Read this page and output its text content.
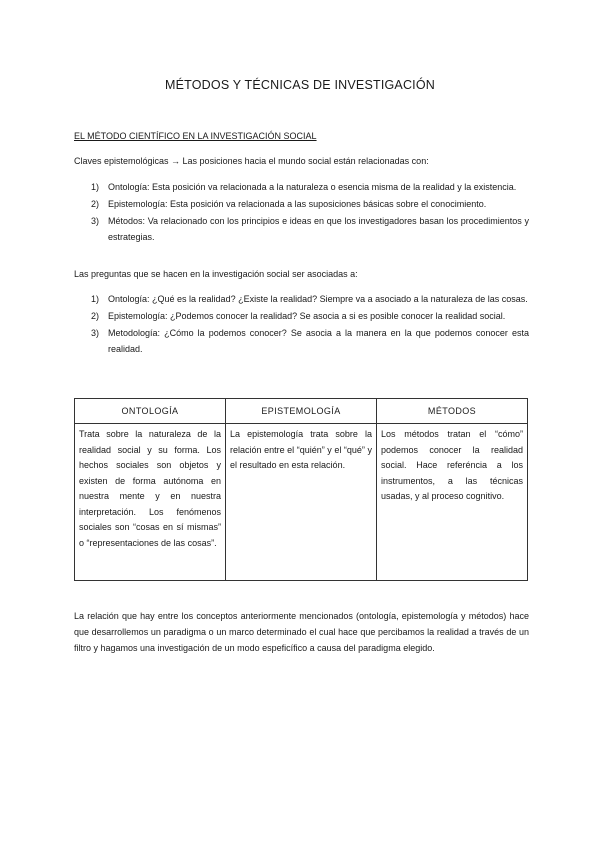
MÉTODOS Y TÉCNICAS DE INVESTIGACIÓN
EL MÉTODO CIENTÍFICO EN LA INVESTIGACIÓN SOCIAL
Claves epistemológicas → Las posiciones hacia el mundo social están relacionadas con:
1) Ontología: Esta posición va relacionada a la naturaleza o esencia misma de la realidad y la existencia.
2) Epistemología: Esta posición va relacionada a las suposiciones básicas sobre el conocimiento.
3) Métodos: Va relacionado con los principios e ideas en que los investigadores basan los procedimientos y estrategias.
Las preguntas que se hacen en la investigación social ser asociadas a:
1) Ontología: ¿Qué es la realidad? ¿Existe la realidad? Siempre va a asociado a la naturaleza de las cosas.
2) Epistemología: ¿Podemos conocer la realidad? Se asocia a si es posible conocer la realidad social.
3) Metodología: ¿Cómo la podemos conocer? Se asocia a la manera en la que podemos conocer esta realidad.
ONTOLOGÍA	EPISTEMOLOGÍA	MÉTODOS
Trata sobre la naturaleza de la realidad social y su forma. Los hechos sociales son objetos y existen de forma autónoma en nuestra mente y en nuestra interpretación. Los fenómenos sociales son “cosas en sí mismas” o “representaciones de las cosas”.	La epistemología trata sobre la relación entre el “quién” y el “qué” y el resultado en esta relación.	Los métodos tratan el “cómo” podemos conocer la realidad social. Hace referéncia a los instrumentos, a las técnicas usadas, y al proceso cognitivo.
La relación que hay entre los conceptos anteriormente mencionados (ontología, epistemología y métodos) hace que desarrollemos un paradigma o un marco determinado el cual hace que percibamos la realidad a través de un filtro y hagamos una investigación de un modo espeficífico a causa del paradigma elegido.
